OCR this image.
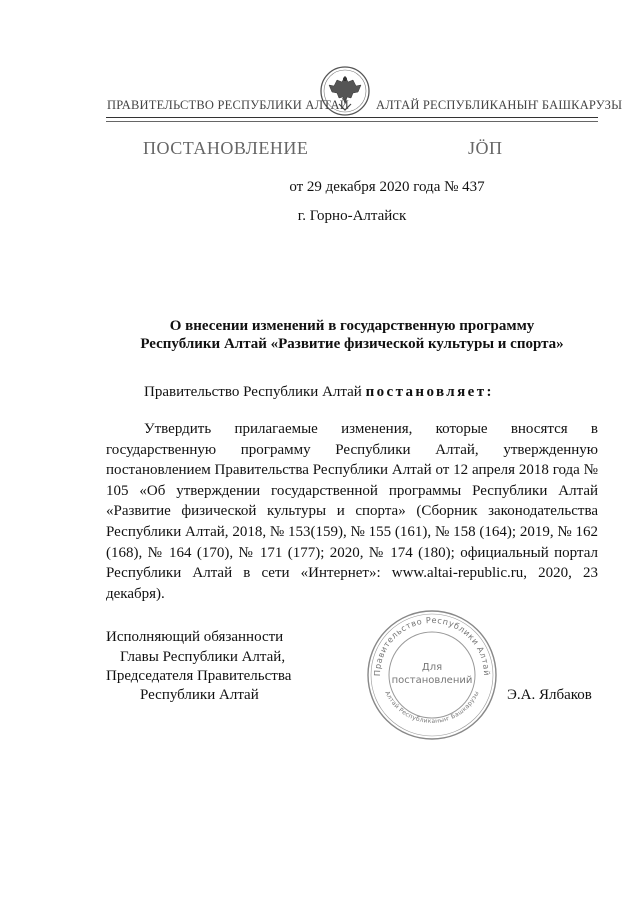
ПРАВИТЕЛЬСТВО РЕСПУБЛИКИ АЛТАЙ АЛТАЙ РЕСПУБЛИКАНЫҤ БАШКАРУЗЫ
ПОСТАНОВЛЕНИЕ	ЈӦП
от 29 декабря 2020 года № 437
г. Горно-Алтайск
О внесении изменений в государственную программу
Республики Алтай «Развитие физической культуры и спорта»
Правительство Республики Алтай постановляет:
Утвердить прилагаемые изменения, которые вносятся в государственную программу Республики Алтай, утвержденную постановлением Правительства Республики Алтай от 12 апреля 2018 года № 105 «Об утверждении государственной программы Республики Алтай «Развитие физической культуры и спорта» (Сборник законодательства Республики Алтай, 2018, № 153(159), № 155 (161), № 158 (164); 2019, № 162 (168), № 164 (170), № 171 (177); 2020, № 174 (180); официальный портал Республики Алтай в сети «Интернет»: www.altai-republic.ru, 2020, 23 декабря).
Исполняющий обязанности
Главы Республики Алтай,
Председателя Правительства
Республики Алтай	Э.А. Ялбаков
Правительство Республики Алтай
Алтай Республиканыҥ Башкарузы
Для
постановлений
